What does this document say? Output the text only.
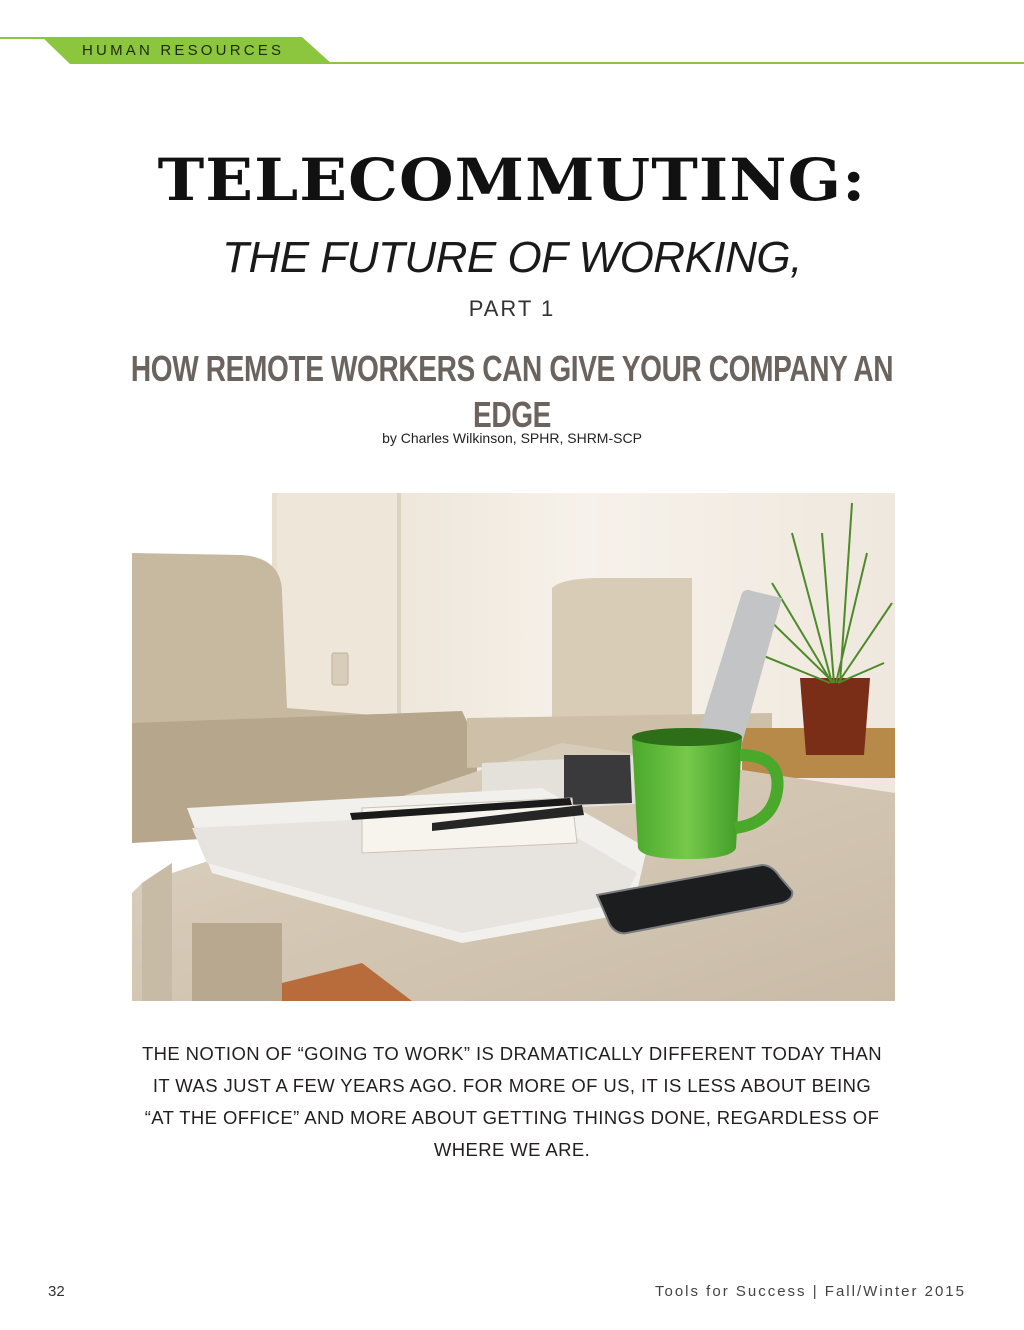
HUMAN RESOURCES
TELECOMMUTING:
THE FUTURE OF WORKING,
PART 1
HOW REMOTE WORKERS CAN GIVE YOUR COMPANY AN EDGE
by Charles Wilkinson, SPHR, SHRM-SCP
THE NOTION OF “GOING TO WORK” IS DRAMATICALLY DIFFERENT TODAY THAN IT WAS JUST A FEW YEARS AGO. FOR MORE OF US, IT IS LESS ABOUT BEING “AT THE OFFICE” AND MORE ABOUT GETTING THINGS DONE, REGARDLESS OF WHERE WE ARE.
32	Tools for Success | Fall/Winter 2015
